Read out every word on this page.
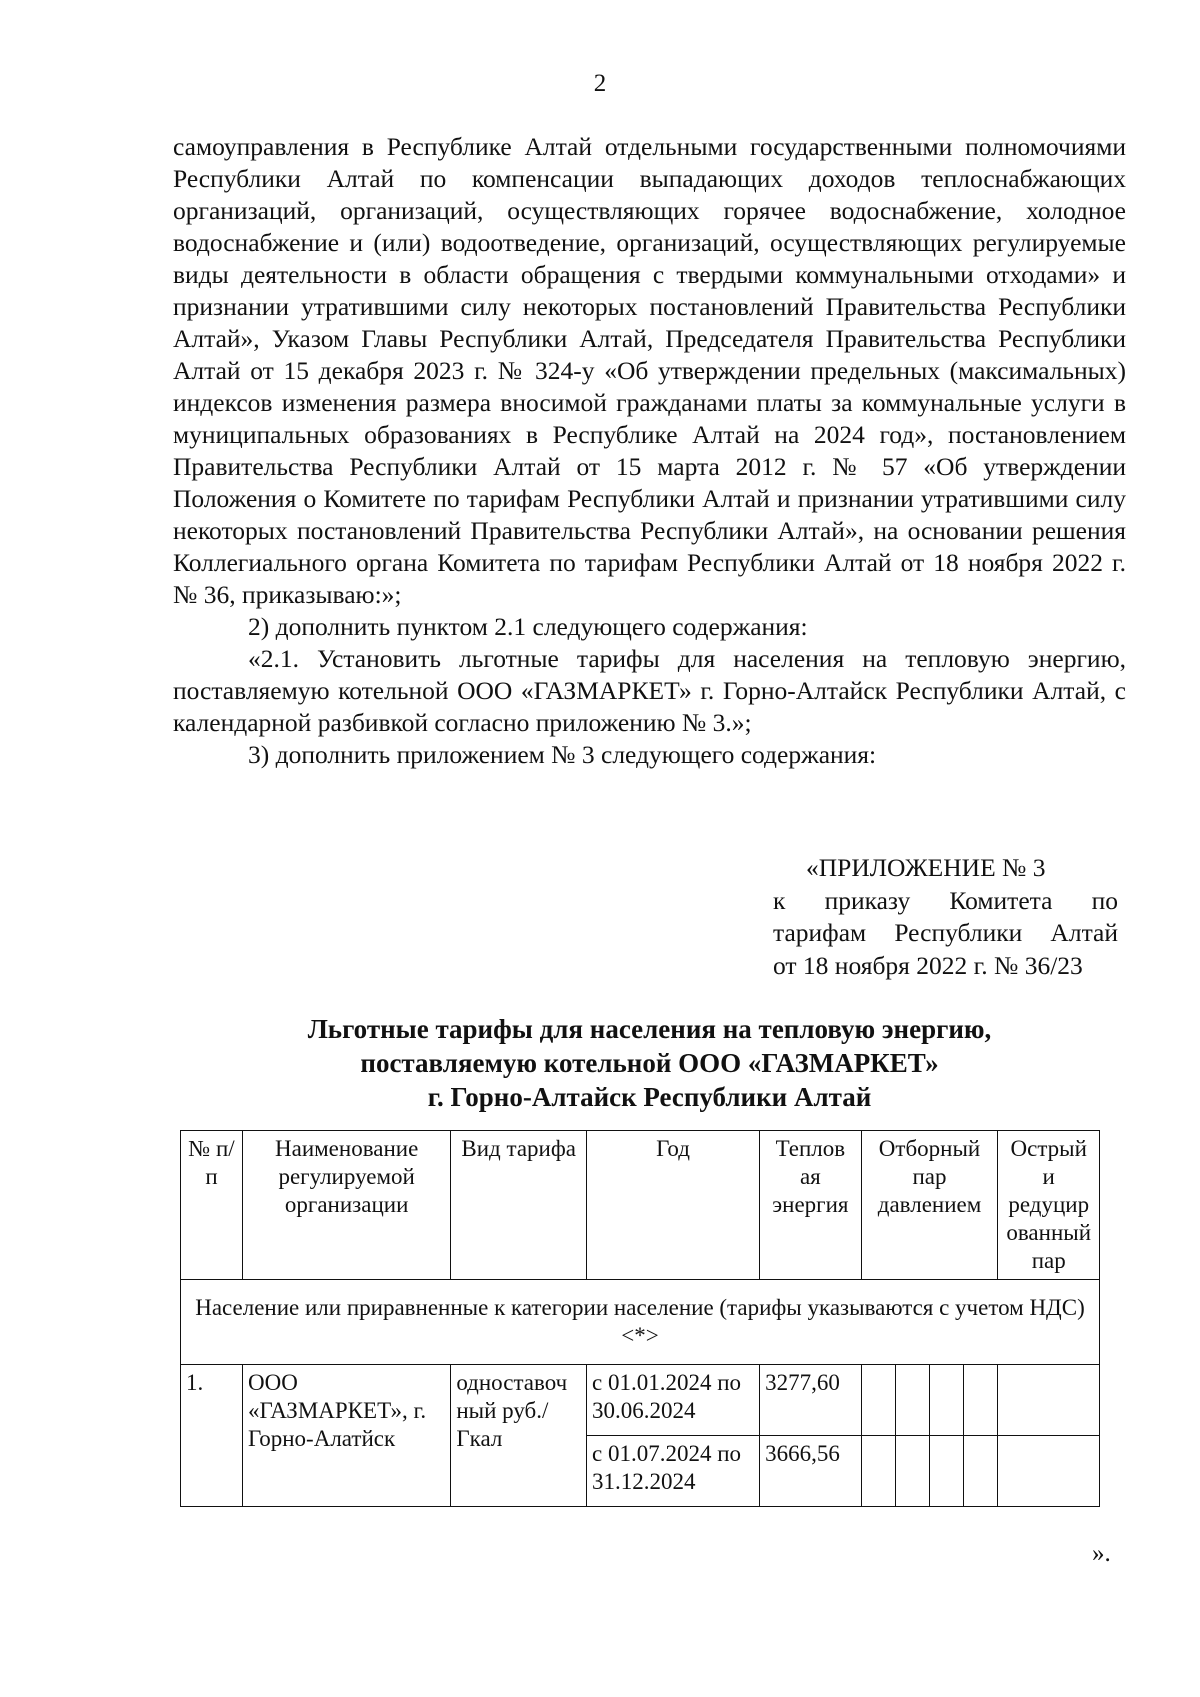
2

самоуправления в Республике Алтай отдельными государственными полномочиями Республики Алтай по компенсации выпадающих доходов теплоснабжающих организаций, организаций, осуществляющих горячее водоснабжение, холодное водоснабжение и (или) водоотведение, организаций, осуществляющих регулируемые виды деятельности в области обращения с твердыми коммунальными отходами» и признании утратившими силу некоторых постановлений Правительства Республики Алтай», Указом Главы Республики Алтай, Председателя Правительства Республики Алтай от 15 декабря 2023 г. № 324-у «Об утверждении предельных (максимальных) индексов изменения размера вносимой гражданами платы за коммунальные услуги в муниципальных образованиях в Республике Алтай на 2024 год», постановлением Правительства Республики Алтай от 15 марта 2012 г. № 57 «Об утверждении Положения о Комитете по тарифам Республики Алтай и признании утратившими силу некоторых постановлений Правительства Республики Алтай», на основании решения Коллегиального органа Комитета по тарифам Республики Алтай от 18 ноября 2022 г. № 36, приказываю:»;

2) дополнить пунктом 2.1 следующего содержания:

«2.1. Установить льготные тарифы для населения на тепловую энергию, поставляемую котельной ООО «ГАЗМАРКЕТ» г. Горно-Алтайск Республики Алтай, с календарной разбивкой согласно приложению № 3.»;

3) дополнить приложением № 3 следующего содержания:

«ПРИЛОЖЕНИЕ № 3
к приказу Комитета по
тарифам Республики Алтай
от 18 ноября 2022 г. № 36/23
Льготные тарифы для населения на тепловую энергию,
поставляемую котельной ООО «ГАЗМАРКЕТ»
г. Горно-Алтайск Республики Алтай
№ п/п	Наименование регулируемой организации	Вид тарифа	Год	Теплов ая энергия	Отборный пар давлением				Острый и редуцир ованный пар
Население или приравненные к категории население (тарифы указываются с учетом НДС) <*>									
1.	ООО «ГАЗМАРКЕТ», г. Горно-Алатйск	одноставоч ный руб./Гкал	с 01.01.2024 по 30.06.2024	3277,60					
			с 01.07.2024 по 31.12.2024	3666,56					
».
